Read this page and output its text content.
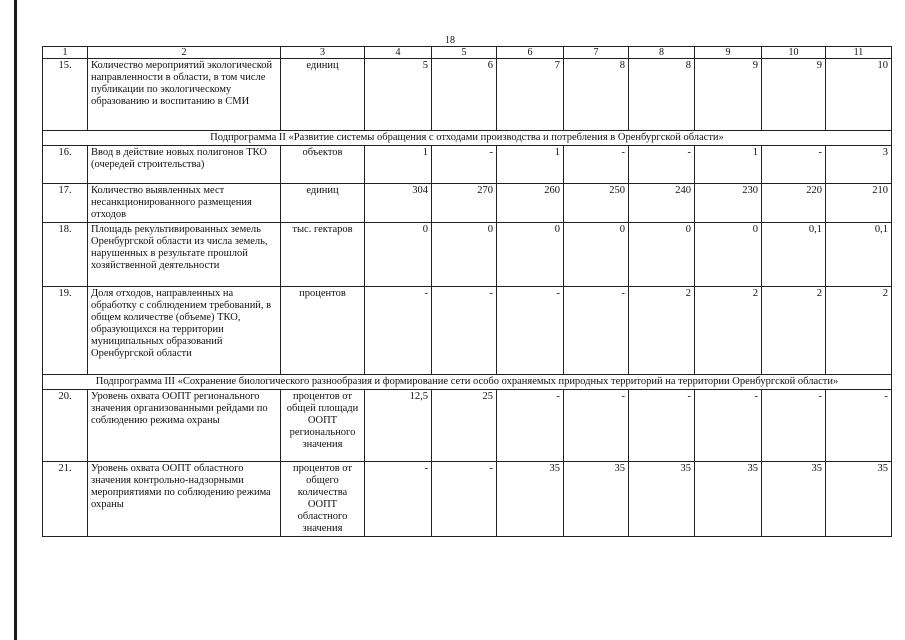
18
1	2	3	4	5	6	7	8	9	10	11
15.	Количество мероприятий экологической направленности в области, в том числе публикации по экологическому образованию и воспитанию в СМИ	единиц	5	6	7	8	8	9	9	10
Подпрограмма II «Развитие системы обращения с отходами производства и потребления в Оренбургской области»										
16.	Ввод в действие новых полигонов ТКО (очередей строительства)	объектов	1	-	1	-	-	1	-	3
17.	Количество выявленных мест несанкционированного размещения отходов	единиц	304	270	260	250	240	230	220	210
18.	Площадь рекультивированных земель Оренбургской области из числа земель, нарушенных в результате прошлой хозяйственной деятельности	тыс. гектаров	0	0	0	0	0	0	0,1	0,1
19.	Доля отходов, направленных на обработку с соблюдением требований, в общем количестве (объеме) ТКО, образующихся на территории муниципальных образований Оренбургской области	процентов	-	-	-	-	2	2	2	2
Подпрограмма III «Сохранение биологического разнообразия и формирование сети особо охраняемых природных территорий на территории Оренбургской области»										
20.	Уровень охвата ООПТ регионального значения организованными рейдами по соблюдению режима охраны	процентов от общей площади ООПТ регионального значения	12,5	25	-	-	-	-	-	-
21.	Уровень охвата ООПТ областного значения контрольно-надзорными мероприятиями по соблюдению режима охраны	процентов от общего количества ООПТ областного значения	-	-	35	35	35	35	35	35
